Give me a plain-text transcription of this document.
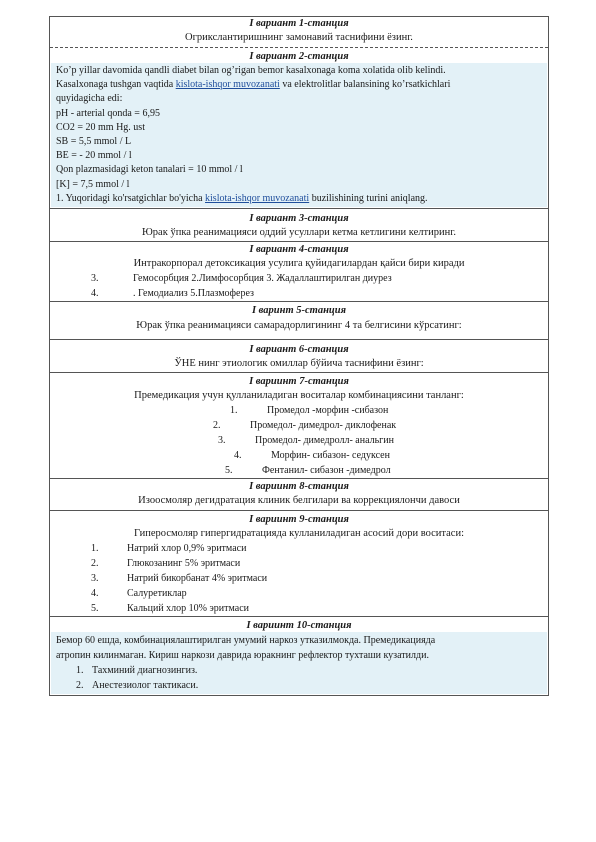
I вариант 1-станция
Огрикслантиришнинг замонавий таснифини ёзинг.
I вариант 2-станция
Ko’p yillar davomida qandli diabet bilan og’rigan bemor kasalxonaga koma xolatida olib kelindi.
Kasalxonaga tushgan vaqtida kislota-ishqor muvozanati va elektrolitlar balansining ko’rsatkichlari
quyidagicha edi:
pH - arterial qonda = 6,95
CO2 = 20 mm Hg. ust
SB = 5,5 mmol / L
BE = - 20 mmol / l
Qon plazmasidagi keton tanalari = 10 mmol / l
[K] = 7,5 mmol / l
1. Yuqoridagi ko'rsatgichlar bo'yicha kislota-ishqor muvozanati buzilishining turini aniqlang.
I вариант 3-станция
Юрак ўпка реанимацияси оддий усуллари кетма кетлигини келтиринг.
I вариант 4-станция
Интракорпорал детоксикация усулига қуйидагилардан қайси бири киради
3.	Гемосорбция 2.Лимфосорбция 3. Жадаллаштирилган диурез
4.	. Гемодиализ 5.Плазмоферез
I варинт 5-станция
Юрак ўпка реанимацияси самарадорлигининг 4 та белгисини кўрсатинг:
I вариант 6-станция
ЎНЕ нинг этиологик омиллар бўйича таснифини ёзинг:
I вариинт 7-станция
Премедикация учун қулланиладиган воситалар комбинациясини танланг:
1.	Промедол -морфин -сибазон
2.	Промедол- димедрол- диклофенак
3.	Промедол- димедролл- анальгин
4.	Морфин- сибазон- седуксен
5.	Фентанил- сибазон -димедрол
I вариинт 8-станция
Изоосмоляр дегидратация клиник белгилари ва коррекциялончи давоси
I вариинт 9-станция
Гиперосмоляр гипергидратацияда кулланиладиган асосий дори воситаси:
1.	Натрий хлор 0,9% эритмаси
2.	Глюкозанинг 5% эритмаси
3.	Натрий бикорбанат 4% эритмаси
4.	Салуретиклар
5.	Кальций хлор 10% эритмаси
I вариинт 10-станция
Бемор 60 ешда, комбинациялаштирилган умумий наркоз утказилмокда. Премедикацияда
атропин килинмаган. Кириш наркози даврида юракнинг рефлектор тухташи кузатилди.
1. Тахминий диагнозингиз.
2. Анестезиолог тактикаси.
